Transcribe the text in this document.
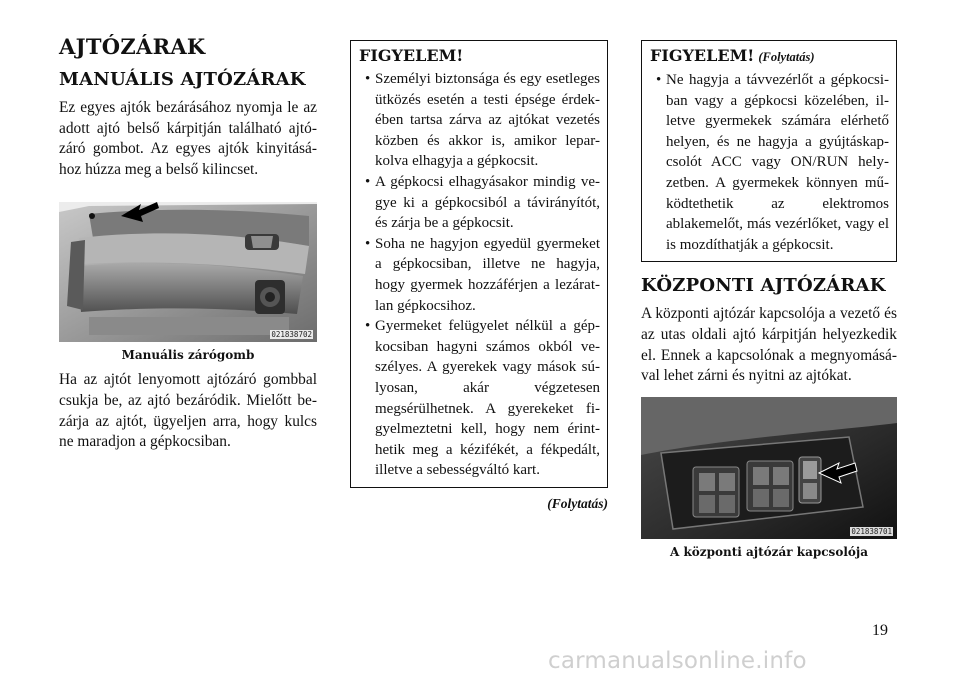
AJTÓZÁRAK
MANUÁLIS AJTÓZÁRAK

Ez egyes ajtók bezárásához nyomja le az adott ajtó belső kárpitján található ajtó- záró gombot. Az egyes ajtók kinyitásá- hoz húzza meg a belső kilincset.

021838702
Manuális zárógomb

Ha az ajtót lenyomott ajtózáró gombbal csukja be, az ajtó bezáródik. Mielőtt be- zárja az ajtót, ügyeljen arra, hogy kulcs ne maradjon a gépkocsiban.

FIGYELEM!
• Személyi biztonsága és egy esetleges ütközés esetén a testi épsége érdek- ében tartsa zárva az ajtókat vezetés közben és akkor is, amikor lepar- kolva elhagyja a gépkocsit.
• A gépkocsi elhagyásakor mindig ve- gye ki a gépkocsiból a távirányítót, és zárja be a gépkocsit.
• Soha ne hagyjon egyedül gyermeket a gépkocsiban, illetve ne hagyja, hogy gyermek hozzáférjen a lezárat- lan gépkocsihoz.
• Gyermeket felügyelet nélkül a gép- kocsiban hagyni számos okból ve- szélyes. A gyerekek vagy mások sú- lyosan, akár végzetesen megsérülhetnek. A gyerekeket fi- gyelmeztetni kell, hogy nem érint- hetik meg a kézifékét, a fékpedált, illetve a sebességváltó kart.
(Folytatás)
FIGYELEM! (Folytatás)
• Ne hagyja a távvezérlőt a gépkocsi- ban vagy a gépkocsi közelében, il- letve gyermekek számára elérhető helyen, és ne hagyja a gyújtáskap- csolót ACC vagy ON/RUN hely- zetben. A gyermekek könnyen mű- ködtethetik az elektromos ablakemelőt, más vezérlőket, vagy el is mozdíthatják a gépkocsit.
KÖZPONTI AJTÓZÁRAK

A központi ajtózár kapcsolója a vezető és az utas oldali ajtó kárpitján helyezkedik el. Ennek a kapcsolónak a megnyomásá- val lehet zárni és nyitni az ajtókat.

021838701
A központi ajtózár kapcsolója
19
carmanualsonline.info
